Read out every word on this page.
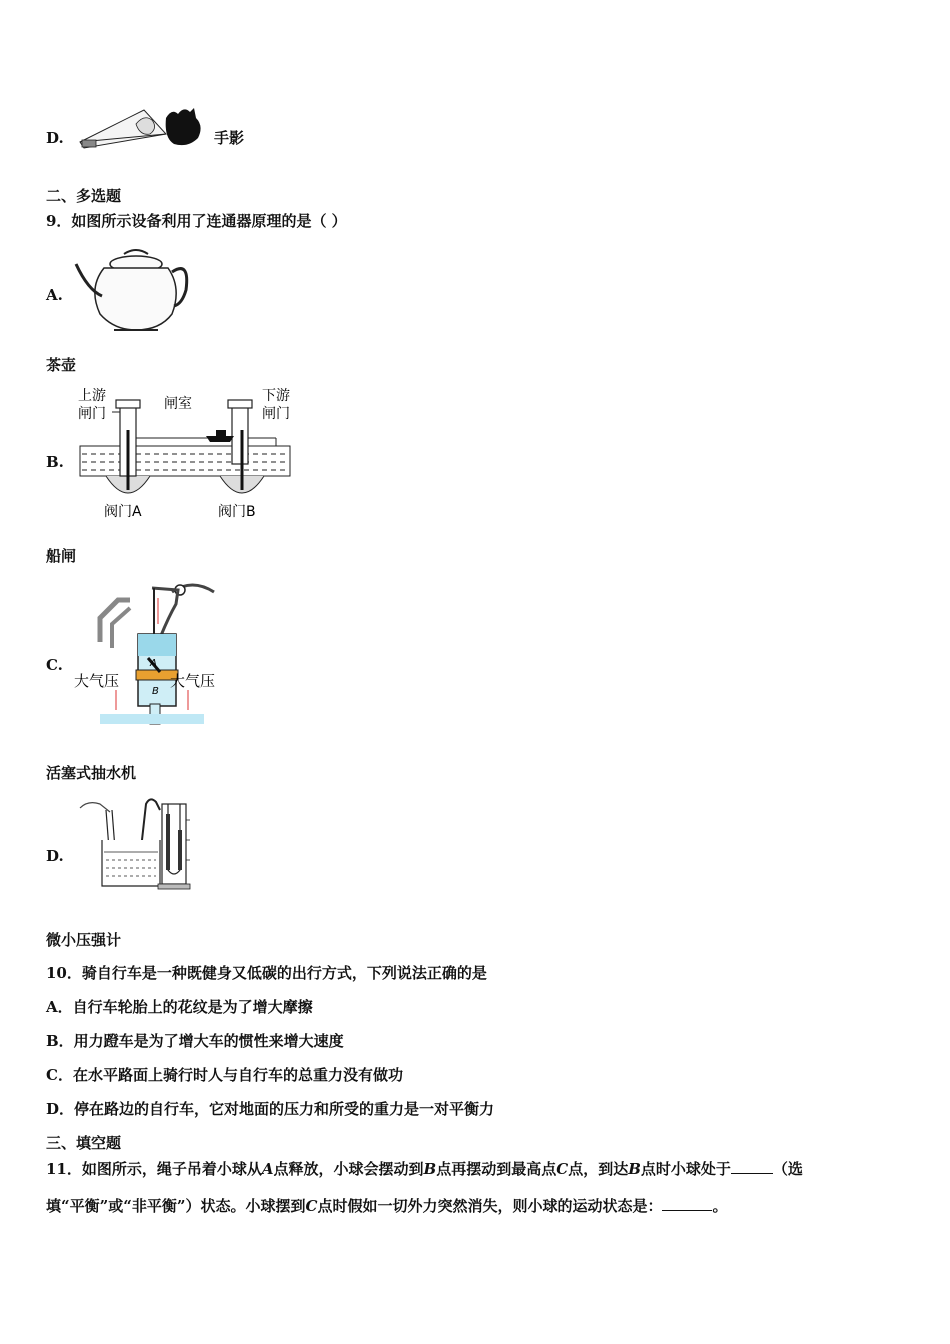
D.	手影
二、多选题
9．如图所示设备利用了连通器原理的是（ ）
A.
茶壶
B.
上游
闸门
闸室	下游
闸门
阀门A	阀门B
船闸
C.	A
B
大气压	大气压
活塞式抽水机
D.
微小压强计
10．骑自行车是一种既健身又低碳的出行方式，下列说法正确的是
A．自行车轮胎上的花纹是为了增大摩擦
B．用力蹬车是为了增大车的惯性来增大速度
C．在水平路面上骑行时人与自行车的总重力没有做功
D．停在路边的自行车，它对地面的压力和所受的重力是一对平衡力
三、填空题
11．如图所示，绳子吊着小球从A点释放，小球会摆动到B点再摆动到最高点C点，到达B点时小球处于	（选
填“平衡”或“非平衡”）状态。小球摆到C点时假如一切外力突然消失，则小球的运动状态是：	。
